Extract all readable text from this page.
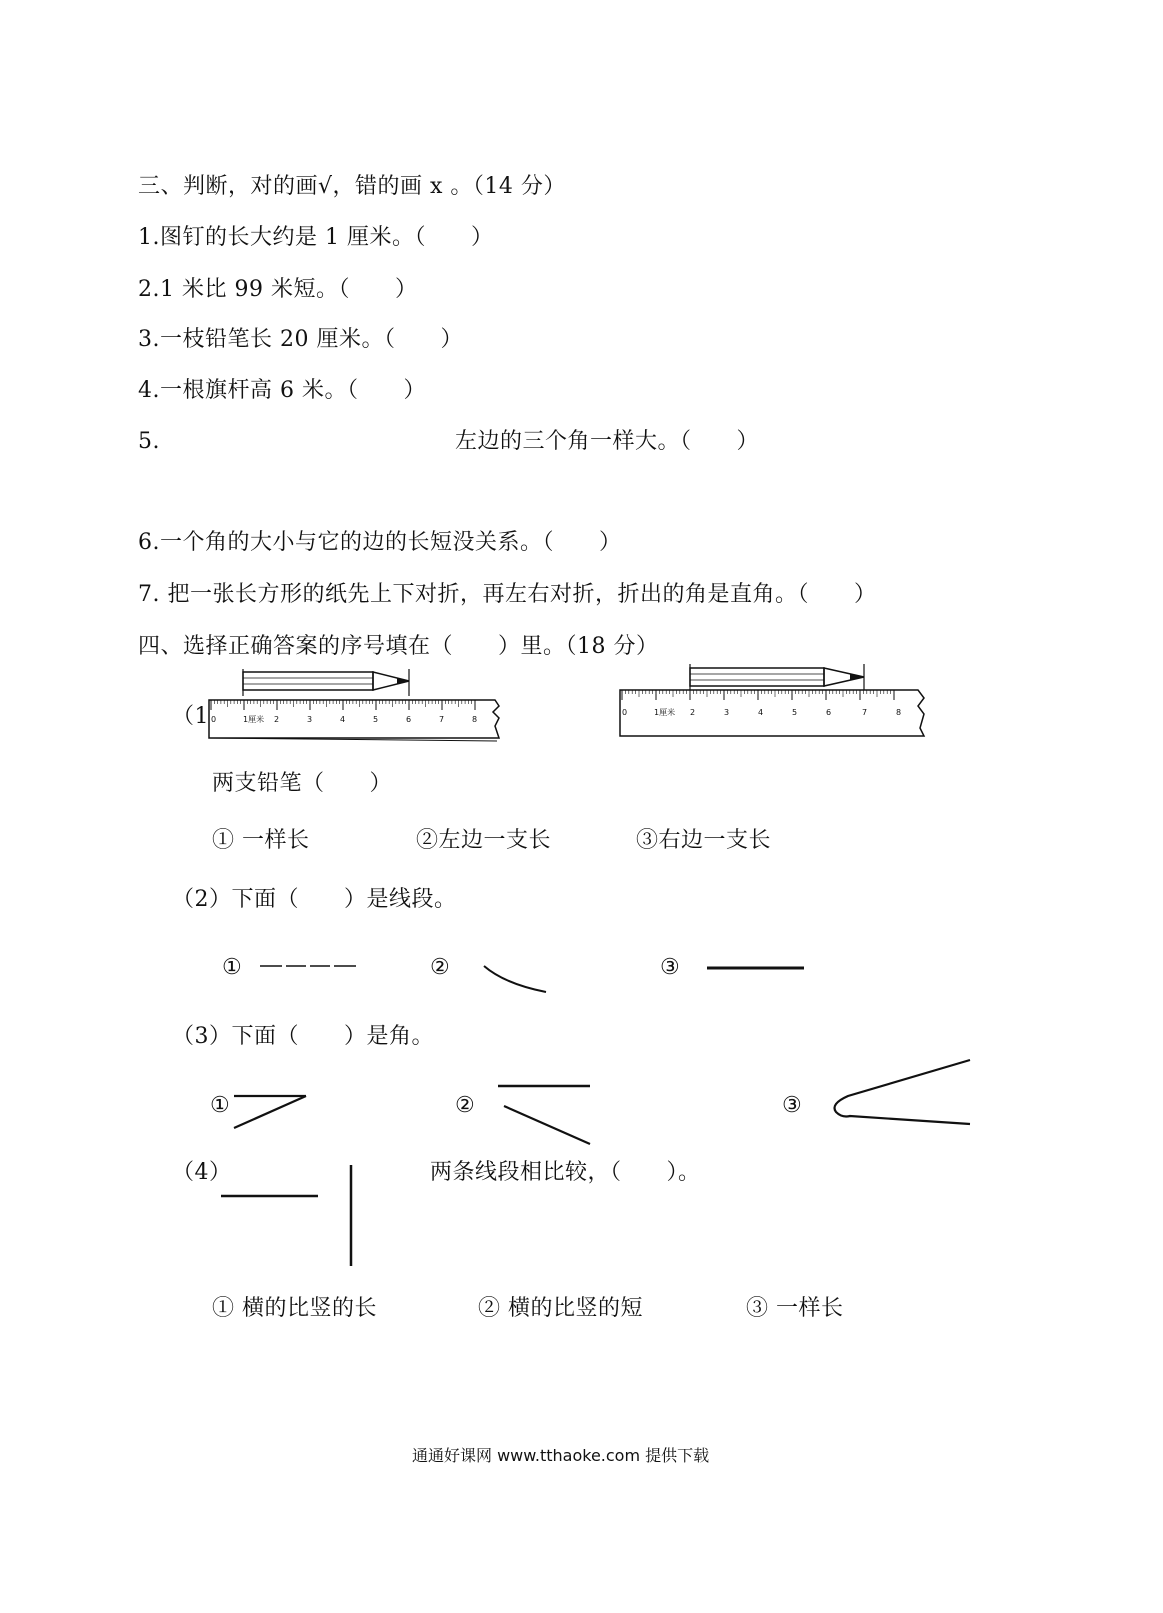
三、判断，对的画√，错的画 x 。（14 分）
1.图钉的长大约是 1 厘米。（　　）
2.1 米比 99 米短。（　　）
3.一枝铅笔长 20 厘米。（　　）
4.一根旗杆高 6 米。（　　）
5.	左边的三个角一样大。（　　）
6.一个角的大小与它的边的长短没关系。（　　）
7. 把一张长方形的纸先上下对折，再左右对折，折出的角是直角。（　　）
四、选择正确答案的序号填在（　　）里。（18 分）
（1 0	1厘米 2	3	4	5	6	7	8
0	1厘米 2	3	4	5	6	7	8
两支铅笔（　　）
① 一样长	②左边一支长	③右边一支长
（2）下面（　　）是线段。
①	②	③
（3）下面（　　）是角。
①	②	③
（4）	两条线段相比较，（　　）。
① 横的比竖的长	② 横的比竖的短	③ 一样长
通通好课网 www.tthaoke.com 提供下载
